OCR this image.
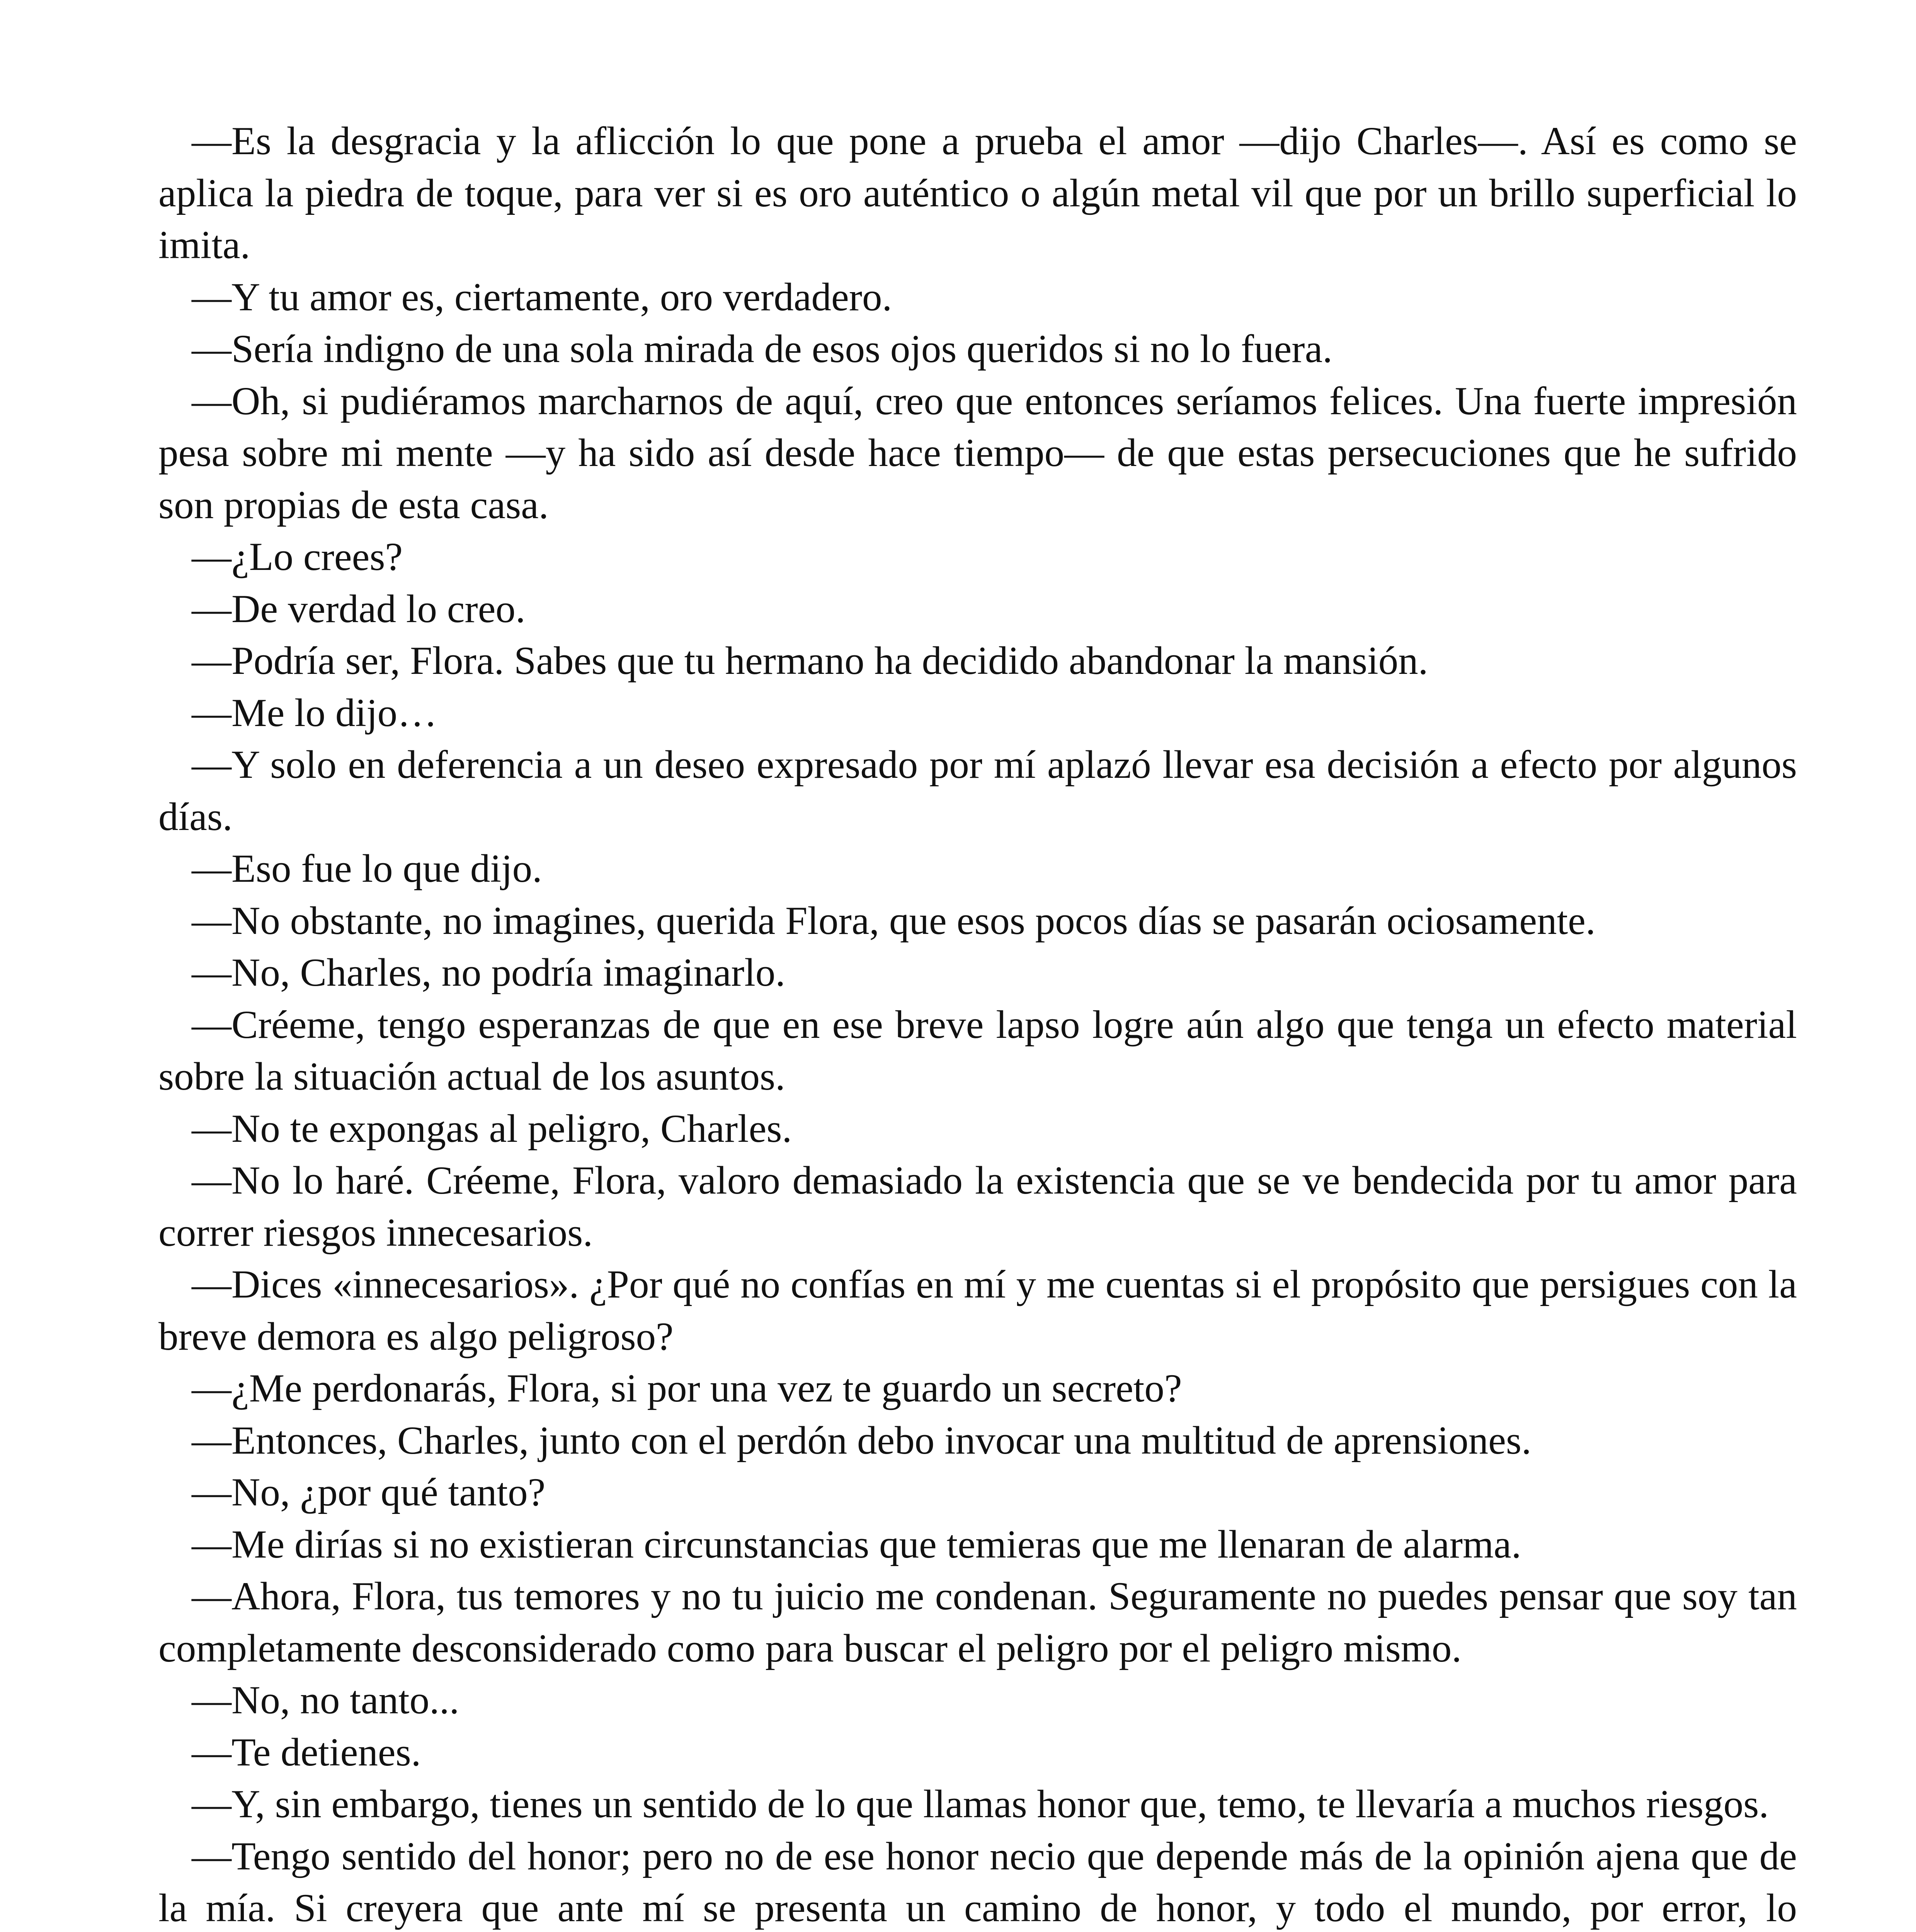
—Es la desgracia y la aflicción lo que pone a prueba el amor —dijo Charles—. Así es como se aplica la piedra de toque, para ver si es oro auténtico o algún metal vil que por un brillo superficial lo imita.

—Y tu amor es, ciertamente, oro verdadero.

—Sería indigno de una sola mirada de esos ojos queridos si no lo fuera.

—Oh, si pudiéramos marcharnos de aquí, creo que entonces seríamos felices. Una fuerte impresión pesa sobre mi mente —y ha sido así desde hace tiempo— de que estas persecuciones que he sufrido son propias de esta casa.

—¿Lo crees?

—De verdad lo creo.

—Podría ser, Flora. Sabes que tu hermano ha decidido abandonar la mansión.

—Me lo dijo…

—Y solo en deferencia a un deseo expresado por mí aplazó llevar esa decisión a efecto por algunos días.

—Eso fue lo que dijo.

—No obstante, no imagines, querida Flora, que esos pocos días se pasarán ociosamente.

—No, Charles, no podría imaginarlo.

—Créeme, tengo esperanzas de que en ese breve lapso logre aún algo que tenga un efecto material sobre la situación actual de los asuntos.

—No te expongas al peligro, Charles.

—No lo haré. Créeme, Flora, valoro demasiado la existencia que se ve bendecida por tu amor para correr riesgos innecesarios.

—Dices «innecesarios». ¿Por qué no confías en mí y me cuentas si el propósito que persigues con la breve demora es algo peligroso?

—¿Me perdonarás, Flora, si por una vez te guardo un secreto?

—Entonces, Charles, junto con el perdón debo invocar una multitud de aprensiones.

—No, ¿por qué tanto?

—Me dirías si no existieran circunstancias que temieras que me llenaran de alarma.

—Ahora, Flora, tus temores y no tu juicio me condenan. Seguramente no puedes pensar que soy tan completamente desconsiderado como para buscar el peligro por el peligro mismo.

—No, no tanto...

—Te detienes.

—Y, sin embargo, tienes un sentido de lo que llamas honor que, temo, te llevaría a muchos riesgos.

—Tengo sentido del honor; pero no de ese honor necio que depende más de la opinión ajena que de la mía. Si creyera que ante mí se presenta un camino de honor, y todo el mundo, por error, lo
